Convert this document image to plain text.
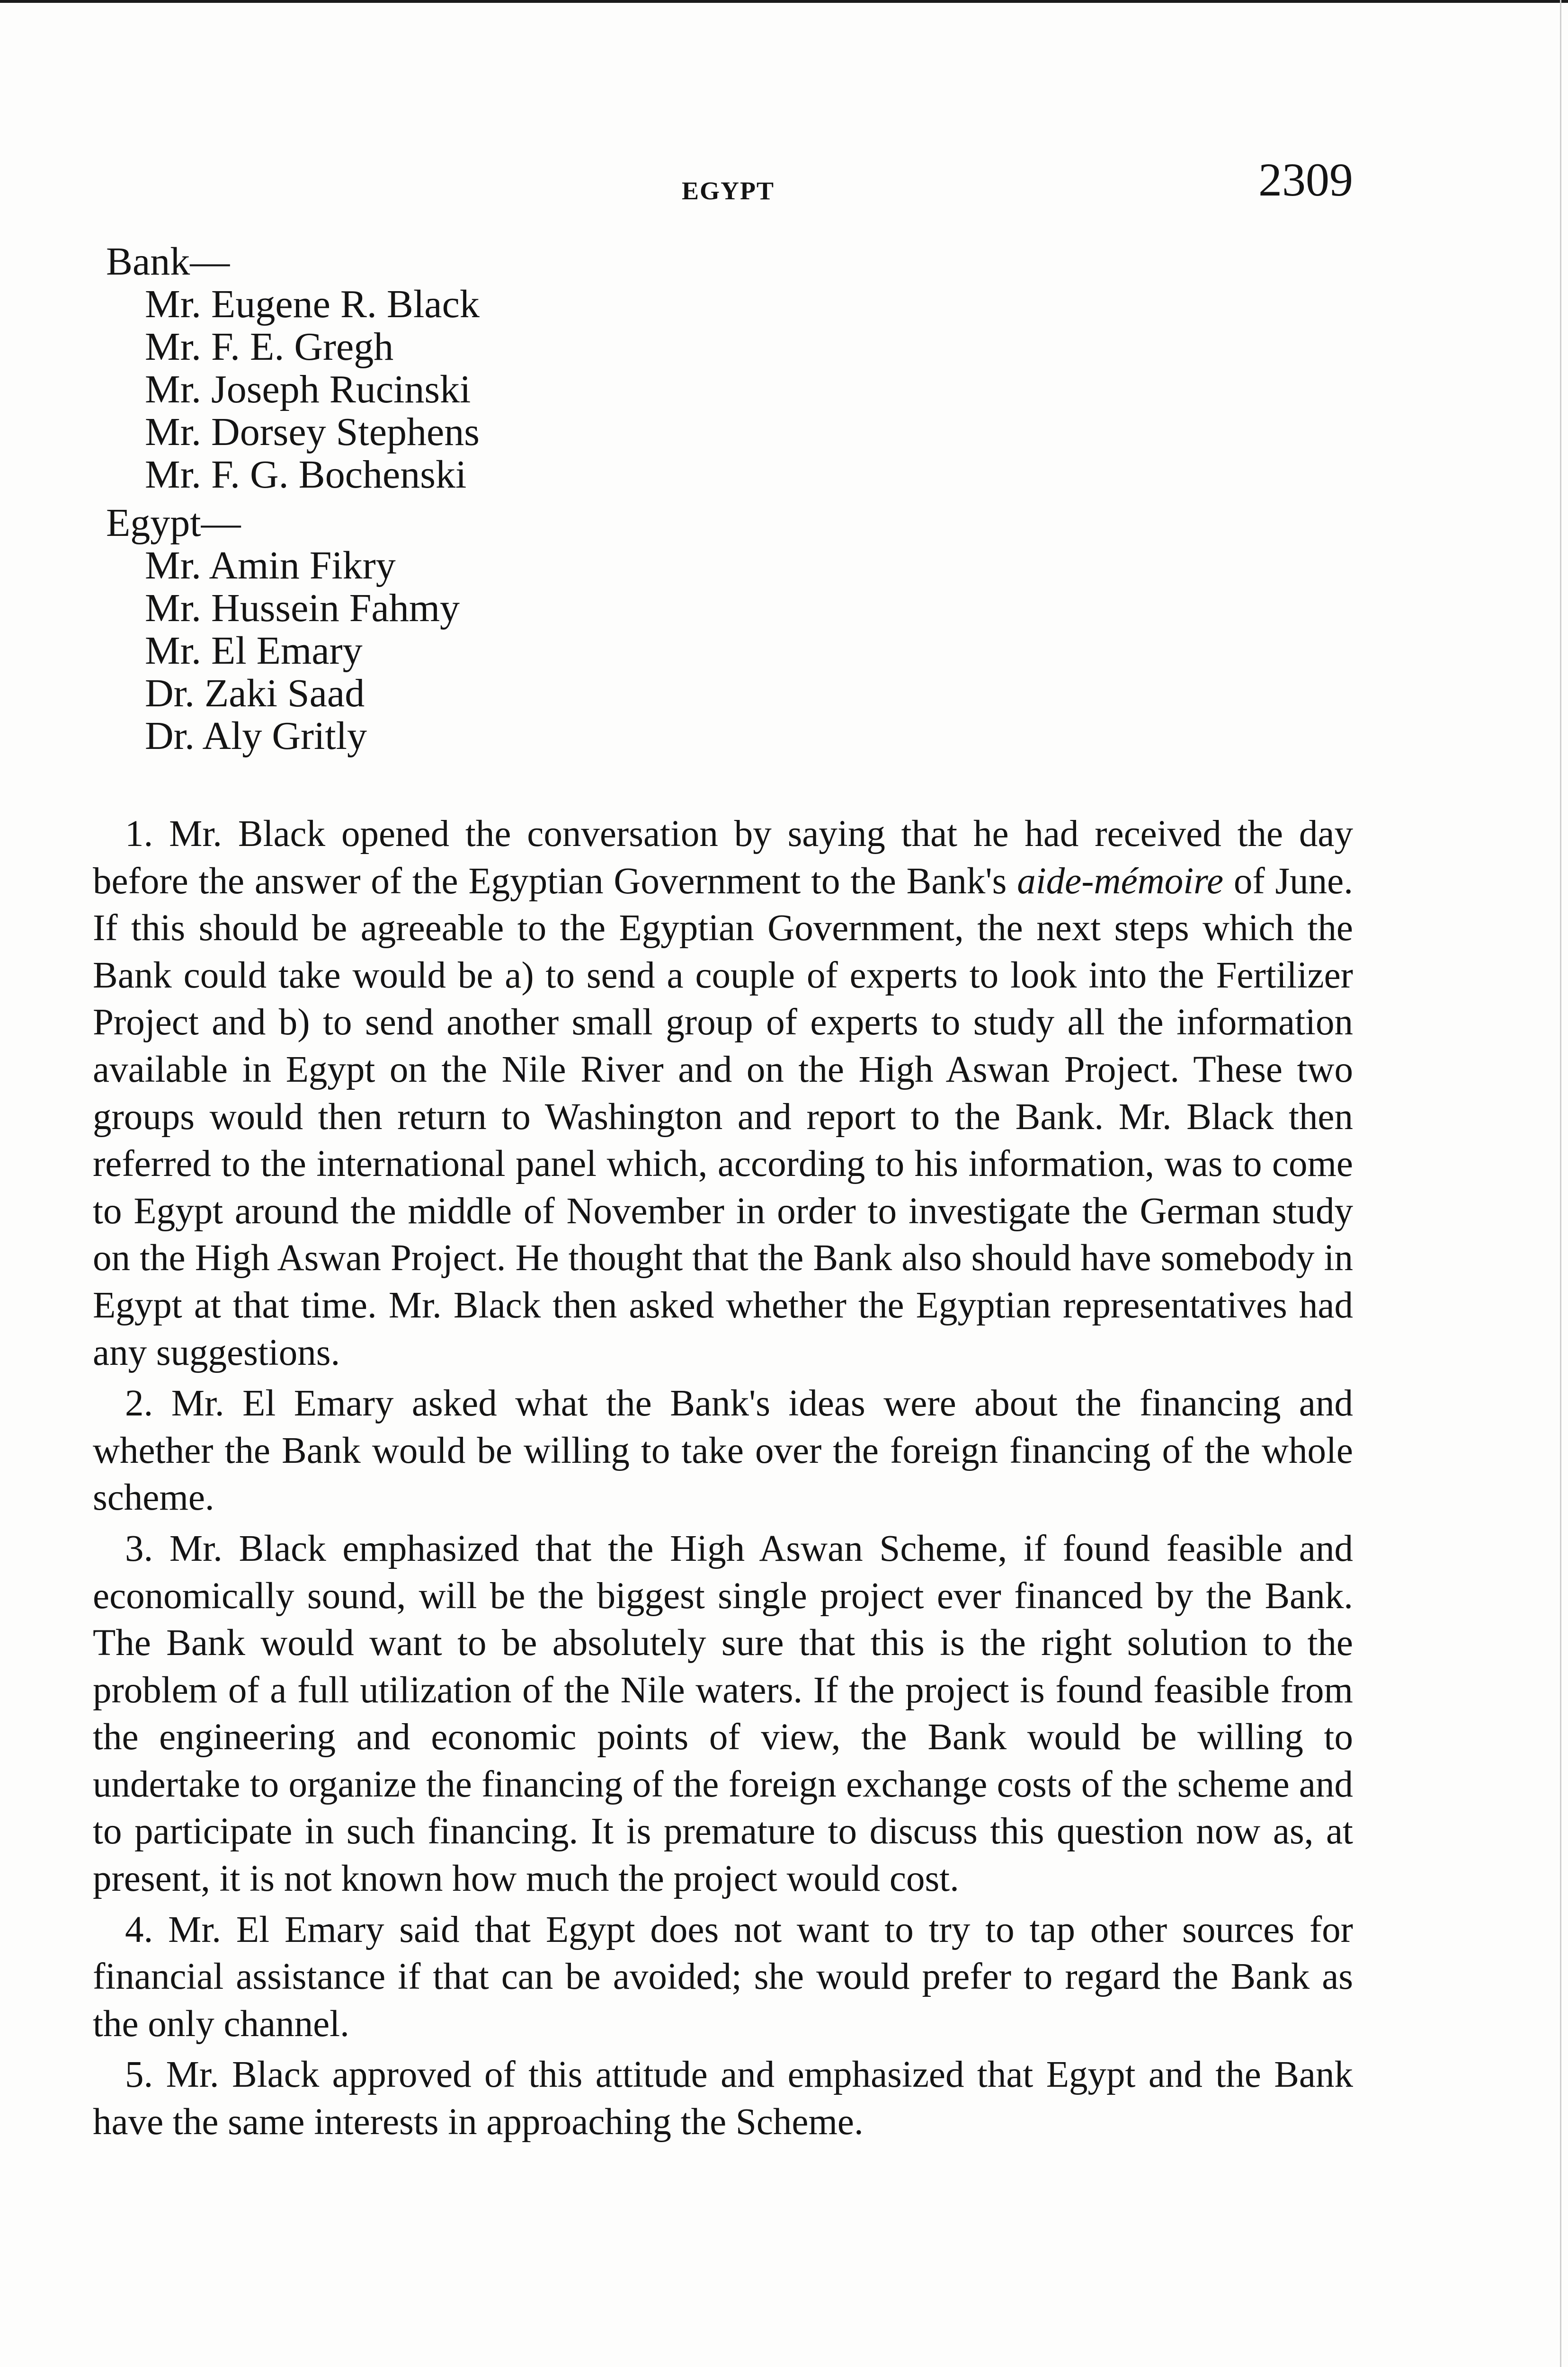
EGYPT	2309
Bank—
Mr. Eugene R. Black
Mr. F. E. Gregh
Mr. Joseph Rucinski
Mr. Dorsey Stephens
Mr. F. G. Bochenski
Egypt—
Mr. Amin Fikry
Mr. Hussein Fahmy
Mr. El Emary
Dr. Zaki Saad
Dr. Aly Gritly

1. Mr. Black opened the conversation by saying that he had received the day before the answer of the Egyptian Government to the Bank's aide-mémoire of June. If this should be agreeable to the Egyptian Government, the next steps which the Bank could take would be a) to send a couple of experts to look into the Fertilizer Project and b) to send another small group of experts to study all the information available in Egypt on the Nile River and on the High Aswan Project. These two groups would then return to Washington and report to the Bank. Mr. Black then referred to the international panel which, according to his information, was to come to Egypt around the middle of November in order to investigate the German study on the High Aswan Project. He thought that the Bank also should have somebody in Egypt at that time. Mr. Black then asked whether the Egyptian representatives had any suggestions.

2. Mr. El Emary asked what the Bank's ideas were about the financing and whether the Bank would be willing to take over the foreign financing of the whole scheme.

3. Mr. Black emphasized that the High Aswan Scheme, if found feasible and economically sound, will be the biggest single project ever financed by the Bank. The Bank would want to be absolutely sure that this is the right solution to the problem of a full utilization of the Nile waters. If the project is found feasible from the engineering and economic points of view, the Bank would be willing to undertake to organize the financing of the foreign exchange costs of the scheme and to participate in such financing. It is premature to discuss this question now as, at present, it is not known how much the project would cost.

4. Mr. El Emary said that Egypt does not want to try to tap other sources for financial assistance if that can be avoided; she would prefer to regard the Bank as the only channel.

5. Mr. Black approved of this attitude and emphasized that Egypt and the Bank have the same interests in approaching the Scheme.
